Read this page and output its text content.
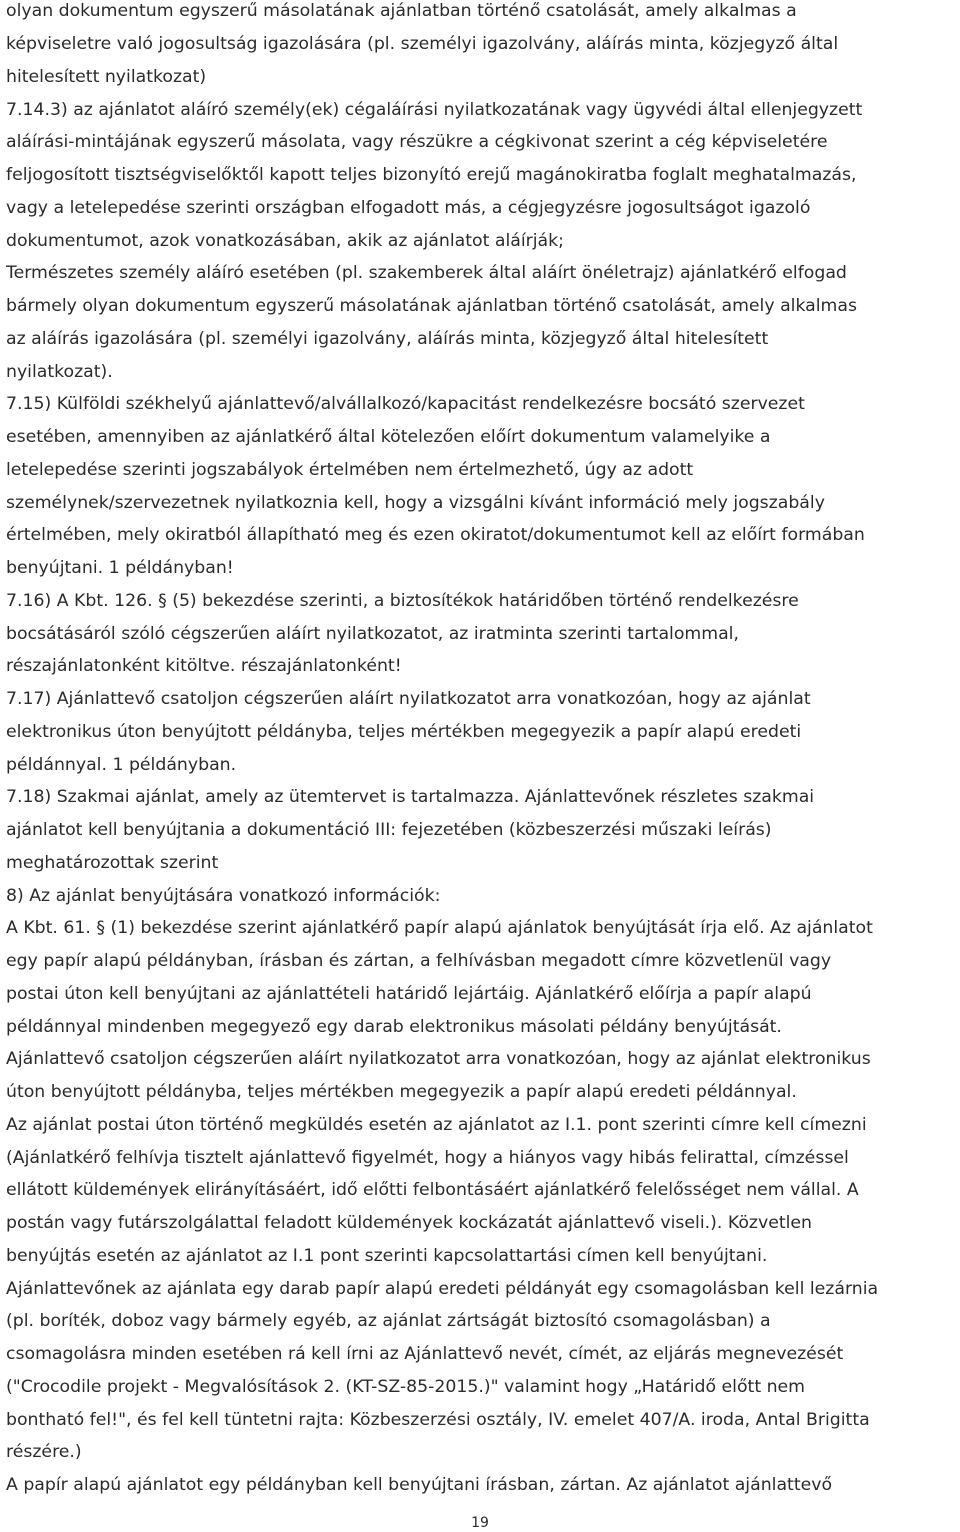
olyan dokumentum egyszerű másolatának ajánlatban történő csatolását, amely alkalmas a
képviseletre való jogosultság igazolására (pl. személyi igazolvány, aláírás minta, közjegyző által
hitelesített nyilatkozat)
7.14.3) az ajánlatot aláíró személy(ek) cégaláírási nyilatkozatának vagy ügyvédi által ellenjegyzett
aláírási-mintájának egyszerű másolata, vagy részükre a cégkivonat szerint a cég képviseletére
feljogosított tisztségviselőktől kapott teljes bizonyító erejű magánokiratba foglalt meghatalmazás,
vagy a letelepedése szerinti országban elfogadott más, a cégjegyzésre jogosultságot igazoló
dokumentumot, azok vonatkozásában, akik az ajánlatot aláírják;
Természetes személy aláíró esetében (pl. szakemberek által aláírt önéletrajz) ajánlatkérő elfogad
bármely olyan dokumentum egyszerű másolatának ajánlatban történő csatolását, amely alkalmas
az aláírás igazolására (pl. személyi igazolvány, aláírás minta, közjegyző által hitelesített
nyilatkozat).
7.15) Külföldi székhelyű ajánlattevő/alvállalkozó/kapacitást rendelkezésre bocsátó szervezet
esetében, amennyiben az ajánlatkérő által kötelezően előírt dokumentum valamelyike a
letelepedése szerinti jogszabályok értelmében nem értelmezhető, úgy az adott
személynek/szervezetnek nyilatkoznia kell, hogy a vizsgálni kívánt információ mely jogszabály
értelmében, mely okiratból állapítható meg és ezen okiratot/dokumentumot kell az előírt formában
benyújtani. 1 példányban!
7.16) A Kbt. 126. § (5) bekezdése szerinti, a biztosítékok határidőben történő rendelkezésre
bocsátásáról szóló cégszerűen aláírt nyilatkozatot, az iratminta szerinti tartalommal,
részajánlatonként kitöltve. részajánlatonként!
7.17) Ajánlattevő csatoljon cégszerűen aláírt nyilatkozatot arra vonatkozóan, hogy az ajánlat
elektronikus úton benyújtott példányba, teljes mértékben megegyezik a papír alapú eredeti
példánnyal. 1 példányban.
7.18) Szakmai ajánlat, amely az ütemtervet is tartalmazza. Ajánlattevőnek részletes szakmai
ajánlatot kell benyújtania a dokumentáció III: fejezetében (közbeszerzési műszaki leírás)
meghatározottak szerint
8) Az ajánlat benyújtására vonatkozó információk:
A Kbt. 61. § (1) bekezdése szerint ajánlatkérő papír alapú ajánlatok benyújtását írja elő. Az ajánlatot
egy papír alapú példányban, írásban és zártan, a felhívásban megadott címre közvetlenül vagy
postai úton kell benyújtani az ajánlattételi határidő lejártáig. Ajánlatkérő előírja a papír alapú
példánnyal mindenben megegyező egy darab elektronikus másolati példány benyújtását.
Ajánlattevő csatoljon cégszerűen aláírt nyilatkozatot arra vonatkozóan, hogy az ajánlat elektronikus
úton benyújtott példányba, teljes mértékben megegyezik a papír alapú eredeti példánnyal.
Az ajánlat postai úton történő megküldés esetén az ajánlatot az I.1. pont szerinti címre kell címezni
(Ajánlatkérő felhívja tisztelt ajánlattevő figyelmét, hogy a hiányos vagy hibás felirattal, címzéssel
ellátott küldemények elirányításáért, idő előtti felbontásáért ajánlatkérő felelősséget nem vállal. A
postán vagy futárszolgálattal feladott küldemények kockázatát ajánlattevő viseli.). Közvetlen
benyújtás esetén az ajánlatot az I.1 pont szerinti kapcsolattartási címen kell benyújtani.
Ajánlattevőnek az ajánlata egy darab papír alapú eredeti példányát egy csomagolásban kell lezárnia
(pl. boríték, doboz vagy bármely egyéb, az ajánlat zártságát biztosító csomagolásban) a
csomagolásra minden esetében rá kell írni az Ajánlattevő nevét, címét, az eljárás megnevezését
("Crocodile projekt - Megvalósítások 2. (KT-SZ-85-2015.)" valamint hogy „Határidő előtt nem
bontható fel!", és fel kell tüntetni rajta: Közbeszerzési osztály, IV. emelet 407/A. iroda, Antal Brigitta
részére.)
A papír alapú ajánlatot egy példányban kell benyújtani írásban, zártan. Az ajánlatot ajánlattevő
19
